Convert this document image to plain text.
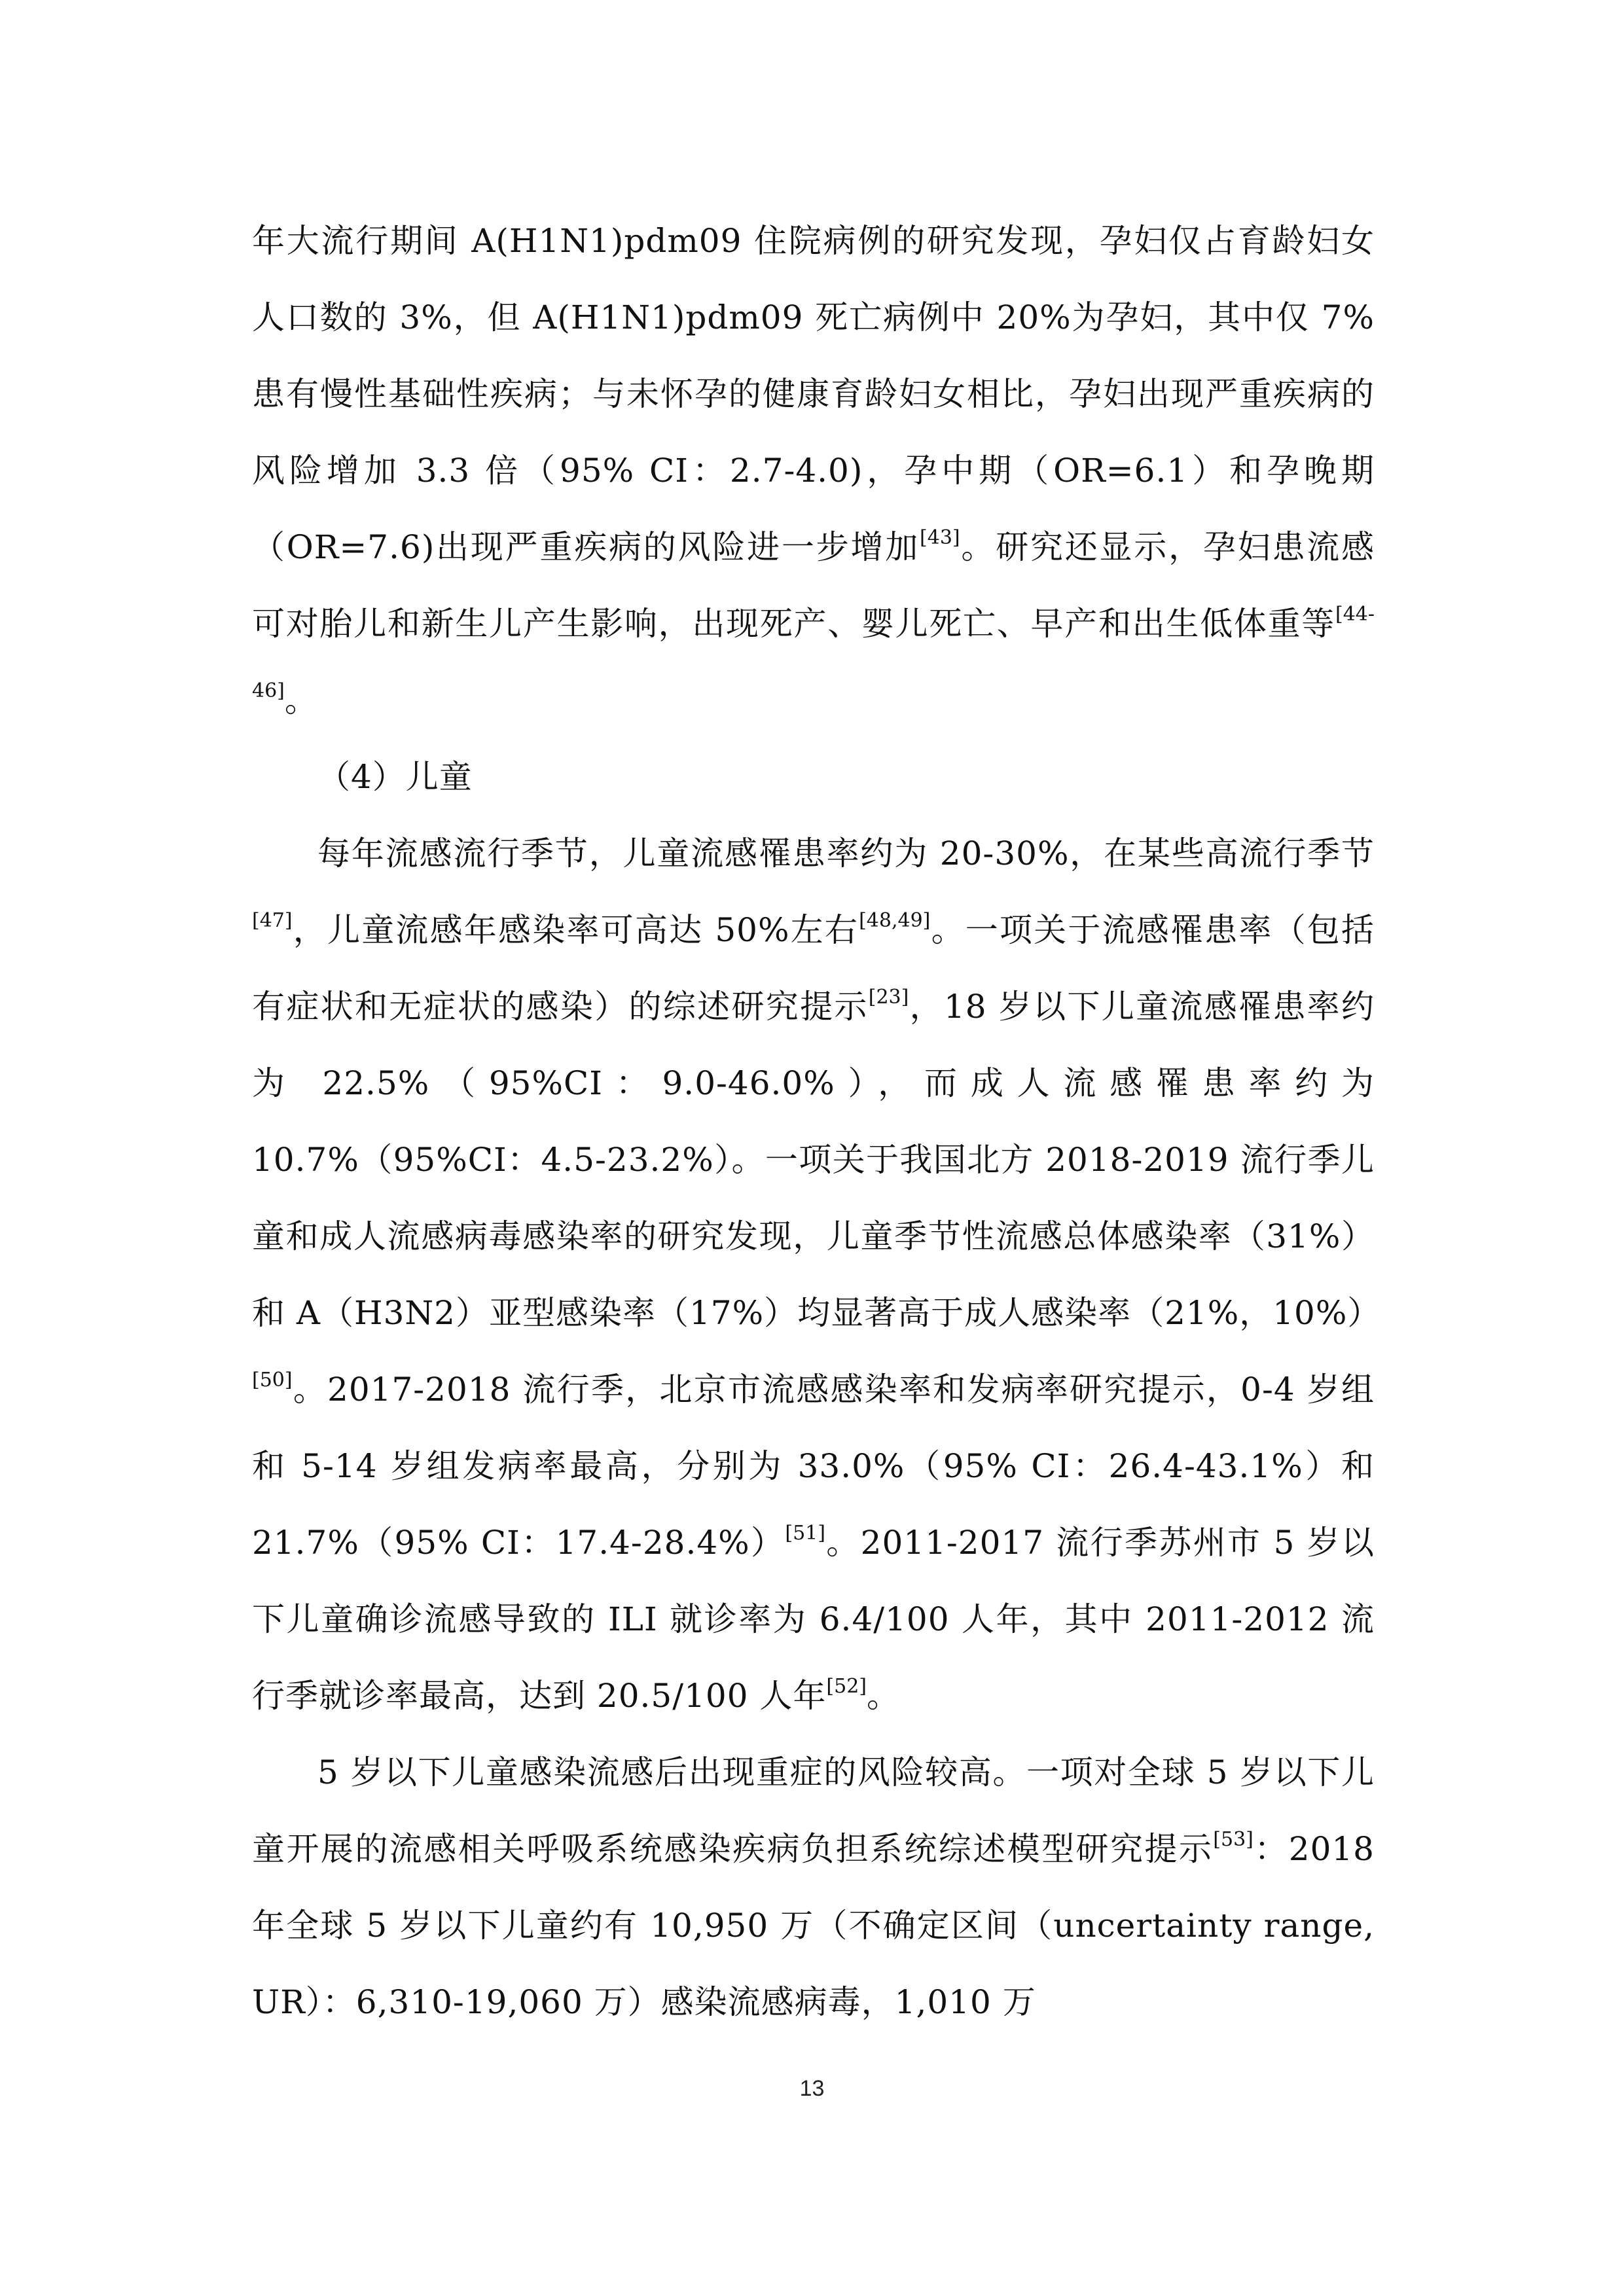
年大流行期间 A(H1N1)pdm09 住院病例的研究发现，孕妇仅占育龄妇女人口数的 3%，但 A(H1N1)pdm09 死亡病例中 20%为孕妇，其中仅 7%患有慢性基础性疾病；与未怀孕的健康育龄妇女相比，孕妇出现严重疾病的风险增加 3.3 倍（95% CI：2.7-4.0)，孕中期（OR=6.1）和孕晚期（OR=7.6)出现严重疾病的风险进一步增加[43]。研究还显示，孕妇患流感可对胎儿和新生儿产生影响，出现死产、婴儿死亡、早产和出生低体重等[44-46]。

（4）儿童

每年流感流行季节，儿童流感罹患率约为 20-30%，在某些高流行季节[47]，儿童流感年感染率可高达 50%左右[48,49]。一项关于流感罹患率（包括有症状和无症状的感染）的综述研究提示[23]，18 岁以下儿童流感罹患率约为 22.5%（95%CI：9.0-46.0%），而成人流感罹患率约为 10.7%（95%CI：4.5-23.2%）。一项关于我国北方 2018-2019 流行季儿童和成人流感病毒感染率的研究发现，儿童季节性流感总体感染率（31%）和 A（H3N2）亚型感染率（17%）均显著高于成人感染率（21%，10%）[50]。2017-2018 流行季，北京市流感感染率和发病率研究提示，0-4 岁组和 5-14 岁组发病率最高，分别为 33.0%（95% CI：26.4-43.1%）和 21.7%（95% CI：17.4-28.4%）[51]。2011-2017 流行季苏州市 5 岁以下儿童确诊流感导致的 ILI 就诊率为 6.4/100 人年，其中 2011-2012 流行季就诊率最高，达到 20.5/100 人年[52]。

5 岁以下儿童感染流感后出现重症的风险较高。一项对全球 5 岁以下儿童开展的流感相关呼吸系统感染疾病负担系统综述模型研究提示[53]：2018 年全球 5 岁以下儿童约有 10,950 万（不确定区间（uncertainty range, UR）：6,310-19,060 万）感染流感病毒，1,010 万

13
